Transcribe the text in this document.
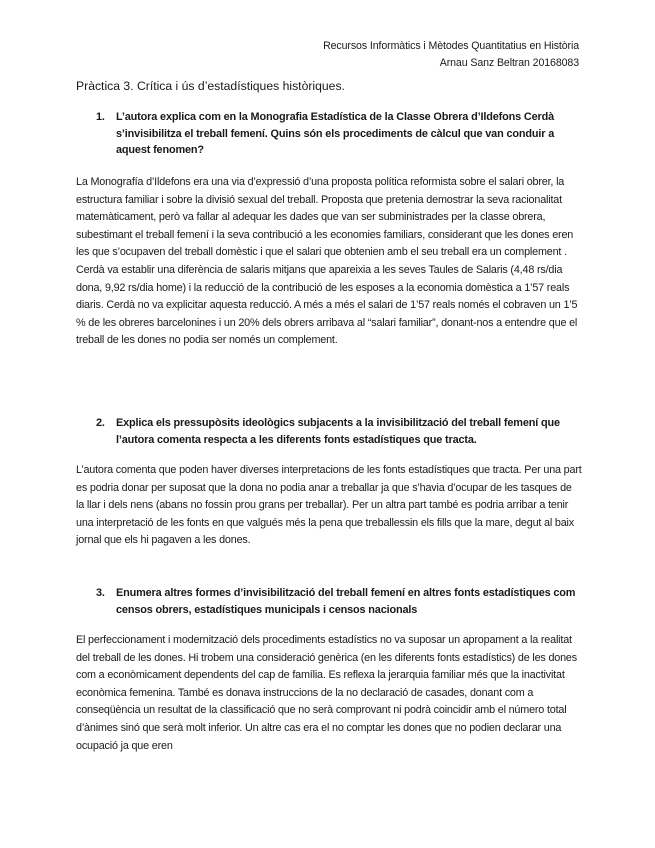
Recursos Informàtics i Mètodes Quantitatius en Història
Arnau Sanz Beltran 20168083
Pràctica 3. Crítica i ús d’estadístiques històriques.
1.	L’autora explica com en la Monografia Estadística de la Classe Obrera d’Ildefons Cerdà s’invisibilitza el treball femení. Quins són els procediments de càlcul que van conduir a aquest fenomen?

La Monografía d’Ildefons era una via d’expressió d’una proposta política reformista sobre el salari obrer, la estructura familiar i sobre la divisió sexual del treball. Proposta que pretenia demostrar la seva racionalitat matemàticament, però va fallar al adequar les dades que van ser subministrades per la classe obrera, subestimant el treball femení i la seva contribució a les economies familiars, considerant que les dones eren les que s’ocupaven del treball domèstic i que el salari que obtenien amb el seu treball era un complement . Cerdà va establir una diferència de salaris mitjans que apareixia a les seves Taules de Salaris (4,48 rs/dia dona, 9,92 rs/dia home) i la reducció de la contribució de les esposes a la economia domèstica a 1’57 reals diaris. Cerdà no va explicitar aquesta reducció. A més a més el salari de 1’57 reals només el cobraven un 1’5 % de les obreres barcelonines i un 20% dels obrers arribava al “salari familiar”, donant-nos a entendre que el treball de les dones no podia ser només un complement.

2.	Explica els pressupòsits ideològics subjacents a la invisibilització del treball femení que l’autora comenta respecta a les diferents fonts estadístiques que tracta.

L’autora comenta que poden haver diverses interpretacions de les fonts estadístiques que tracta. Per una part es podria donar per suposat que la dona no podia anar a treballar ja que s’havia d’ocupar de les tasques de la llar i dels nens (abans no fossin prou grans per treballar). Per un altra part també es podria arribar a tenir una interpretació de les fonts en que valgués més la pena que treballessin els fills que la mare, degut al baix jornal que els hi pagaven a les dones.

3.	Enumera altres formes d’invisibilització del treball femení en altres fonts estadístiques com censos obrers, estadístiques municipals i censos nacionals

El perfeccionament i modernització dels procediments estadístics no va suposar un apropament a la realitat del treball de les dones. Hi trobem una consideració genèrica (en les diferents fonts estadístics) de les dones com a econòmicament dependents del cap de família. Es reflexa la jerarquia familiar més que la inactivitat econòmica femenina. També es donava instruccions de la no declaració de casades, donant com a conseqüència un resultat de la classificació que no serà comprovant ni podrà coincidir amb el número total d’ànimes sinó que serà molt inferior. Un altre cas era el no comptar les dones que no podien declarar una ocupació ja que eren
